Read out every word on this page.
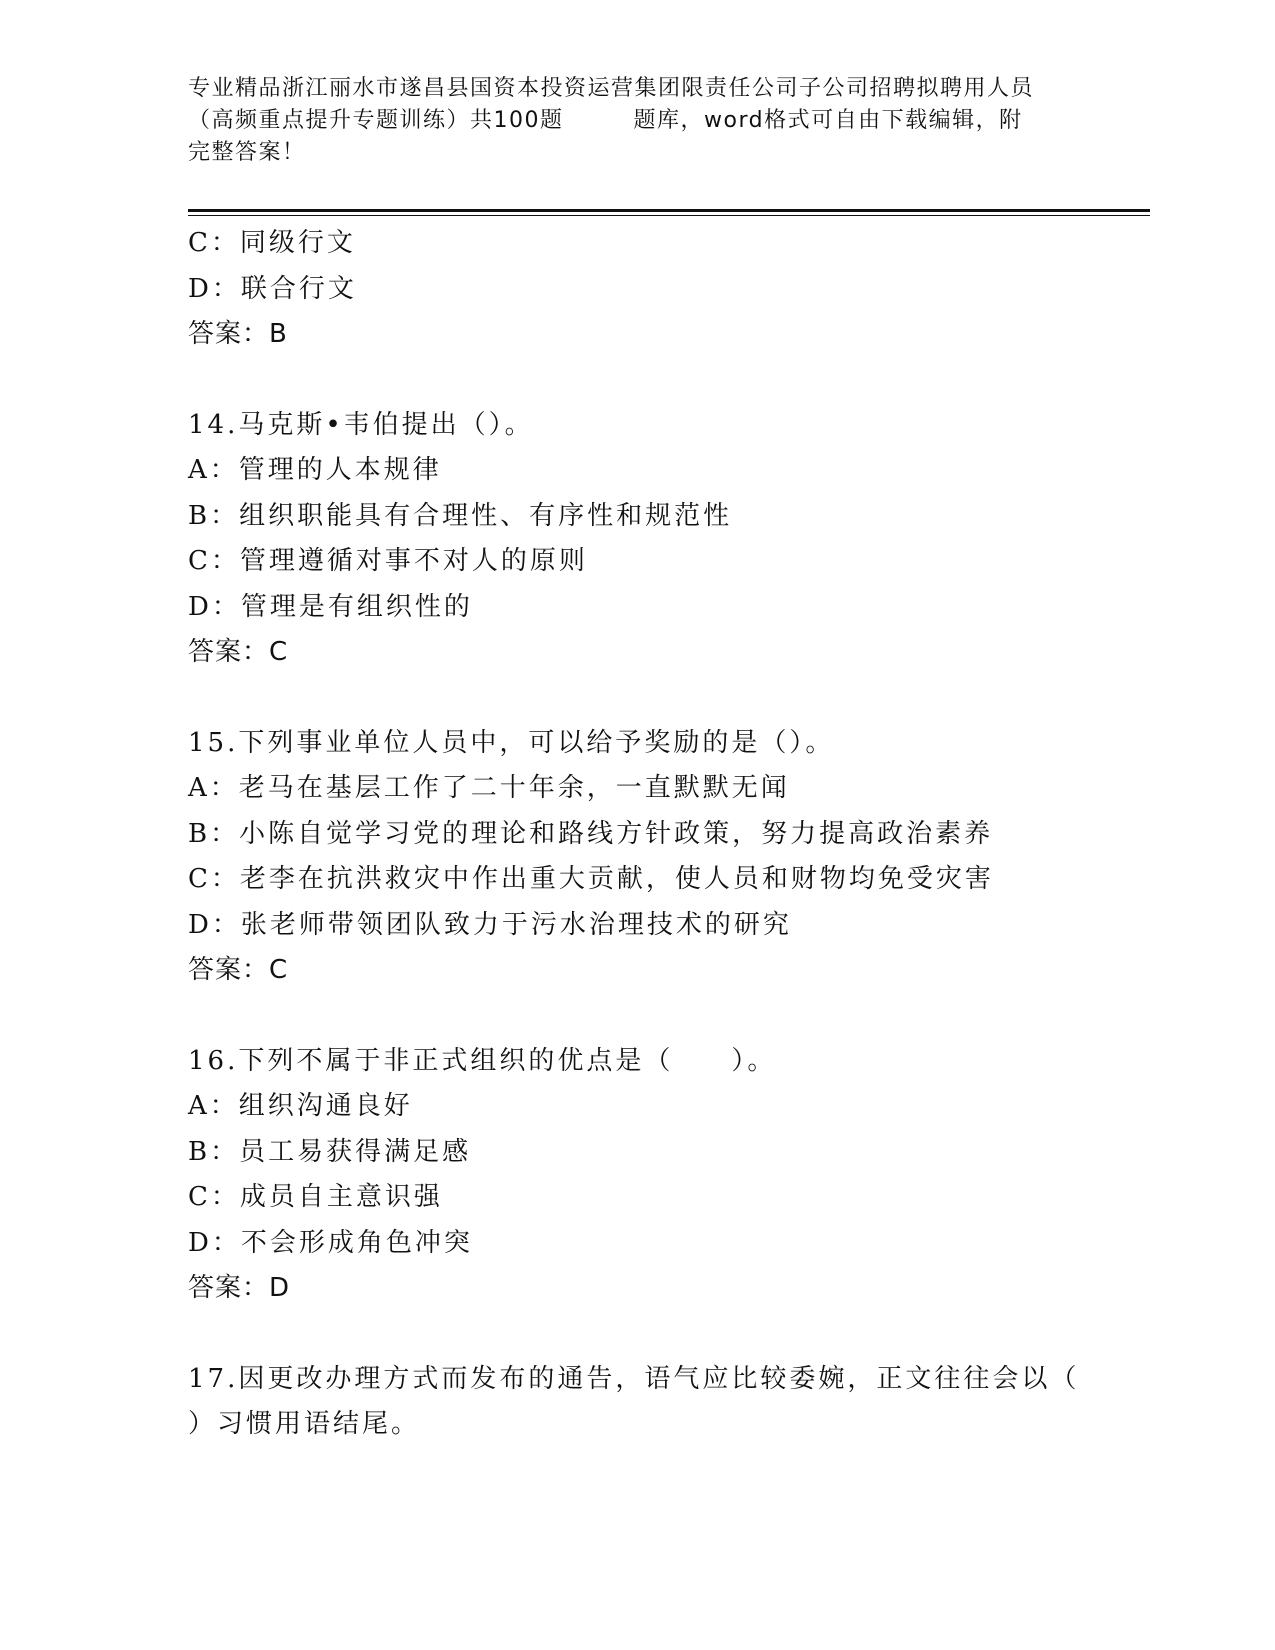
专业精品浙江丽水市遂昌县国资本投资运营集团限责任公司子公司招聘拟聘用人员
（高频重点提升专题训练）共100题	题库，word格式可自由下载编辑，附
完整答案！
C：同级行文
D：联合行文
答案：B
14.马克斯•韦伯提出（）。
A：管理的人本规律
B：组织职能具有合理性、有序性和规范性
C：管理遵循对事不对人的原则
D：管理是有组织性的
答案：C
15.下列事业单位人员中，可以给予奖励的是（）。
A：老马在基层工作了二十年余，一直默默无闻
B：小陈自觉学习党的理论和路线方针政策，努力提高政治素养
C：老李在抗洪救灾中作出重大贡献，使人员和财物均免受灾害
D：张老师带领团队致力于污水治理技术的研究
答案：C
16.下列不属于非正式组织的优点是（　　）。
A：组织沟通良好
B：员工易获得满足感
C：成员自主意识强
D：不会形成角色冲突
答案：D
17.因更改办理方式而发布的通告，语气应比较委婉，正文往往会以（
）习惯用语结尾。
